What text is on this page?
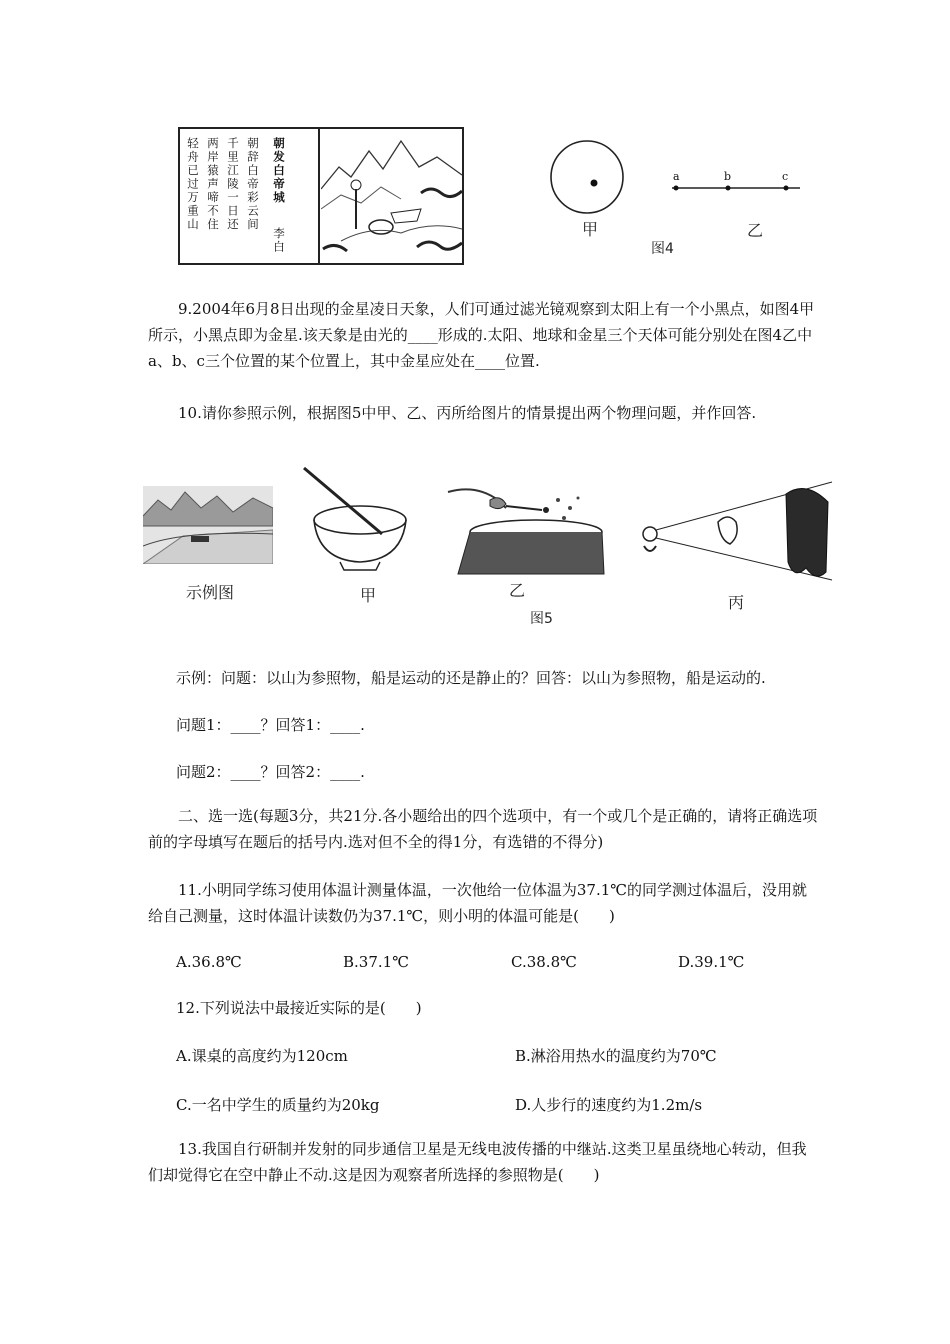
轻舟已过万重山 两岸猿声啼不住 千里江陵一日还 朝辞白帝彩云间 朝发白帝城
李白	甲
a	b	c
图4
乙
9.2004年6月8日出现的金星凌日天象，人们可通过滤光镜观察到太阳上有一个小黑点，如图4甲所示，小黑点即为金星.该天象是由光的____形成的.太阳、地球和金星三个天体可能分别处在图4乙中a、b、c三个位置的某个位置上，其中金星应处在____位置.
10.请你参照示例，根据图5中甲、乙、丙所给图片的情景提出两个物理问题，并作回答.
示例图	甲	乙
图5
丙
示例：问题：以山为参照物，船是运动的还是静止的？回答：以山为参照物，船是运动的.
问题1：____？回答1：____.
问题2：____？回答2：____.
二、选一选(每题3分，共21分.各小题给出的四个选项中，有一个或几个是正确的，请将正确选项前的字母填写在题后的括号内.选对但不全的得1分，有选错的不得分)
11.小明同学练习使用体温计测量体温，一次他给一位体温为37.1℃的同学测过体温后，没用就给自己测量，这时体温计读数仍为37.1℃，则小明的体温可能是(　　)
A.36.8℃	B.37.1℃	C.38.8℃	D.39.1℃
12.下列说法中最接近实际的是(　　)
A.课桌的高度约为120cm	B.淋浴用热水的温度约为70℃
C.一名中学生的质量约为20kg	D.人步行的速度约为1.2m/s
13.我国自行研制并发射的同步通信卫星是无线电波传播的中继站.这类卫星虽绕地心转动，但我们却觉得它在空中静止不动.这是因为观察者所选择的参照物是(　　)
